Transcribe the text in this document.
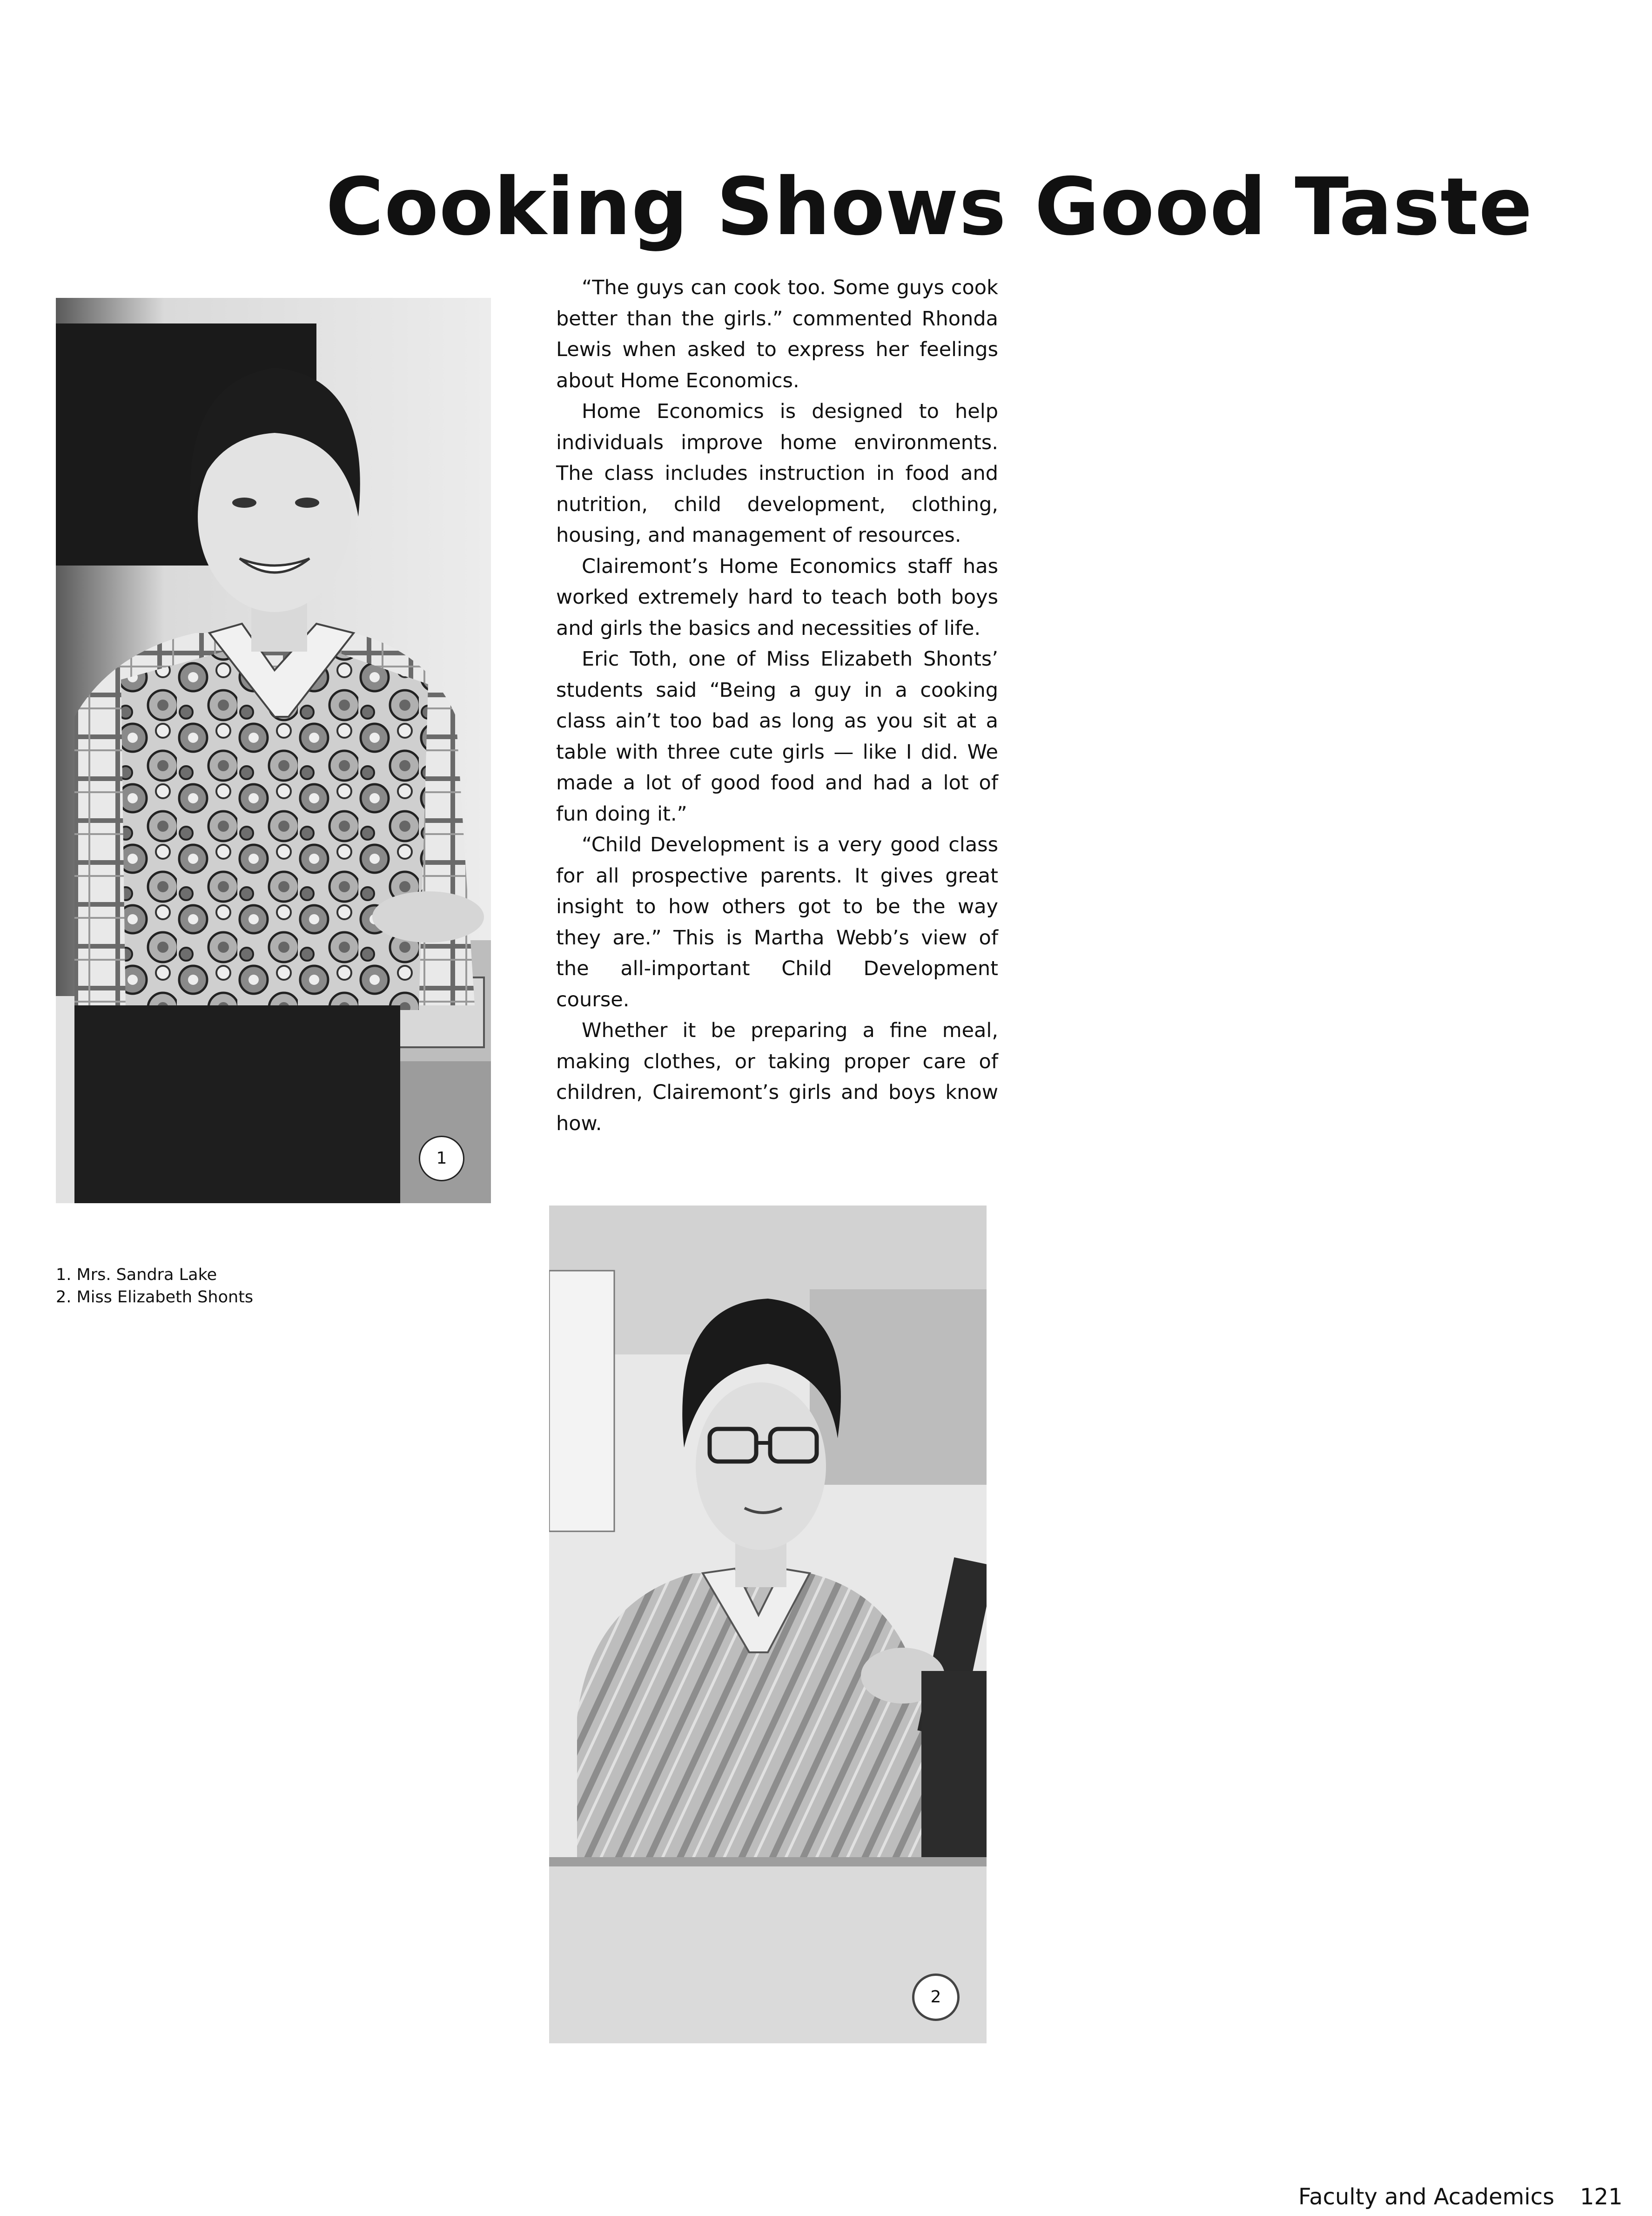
Cooking Shows Good Taste

“The guys can cook too. Some guys cook better than the girls.” commented Rhonda Lewis when asked to express her feelings about Home Economics.

Home Economics is designed to help individuals improve home environments. The class includes instruction in food and nutrition, child development, clothing, housing, and management of resources.

Clairemont’s Home Economics staff has worked extremely hard to teach both boys and girls the basics and necessities of life.

Eric Toth, one of Miss Elizabeth Shonts’ students said “Being a guy in a cooking class ain’t too bad as long as you sit at a table with three cute girls — like I did. We made a lot of good food and had a lot of fun doing it.”

“Child Development is a very good class for all prospective parents. It gives great insight to how others got to be the way they are.” This is Martha Webb’s view of the all-important Child Development course.

Whether it be preparing a fine meal, making clothes, or taking proper care of children, Clairemont’s girls and boys know how.

1
2
1. Mrs. Sandra Lake
2. Miss Elizabeth Shonts
Faculty and Academics 121
